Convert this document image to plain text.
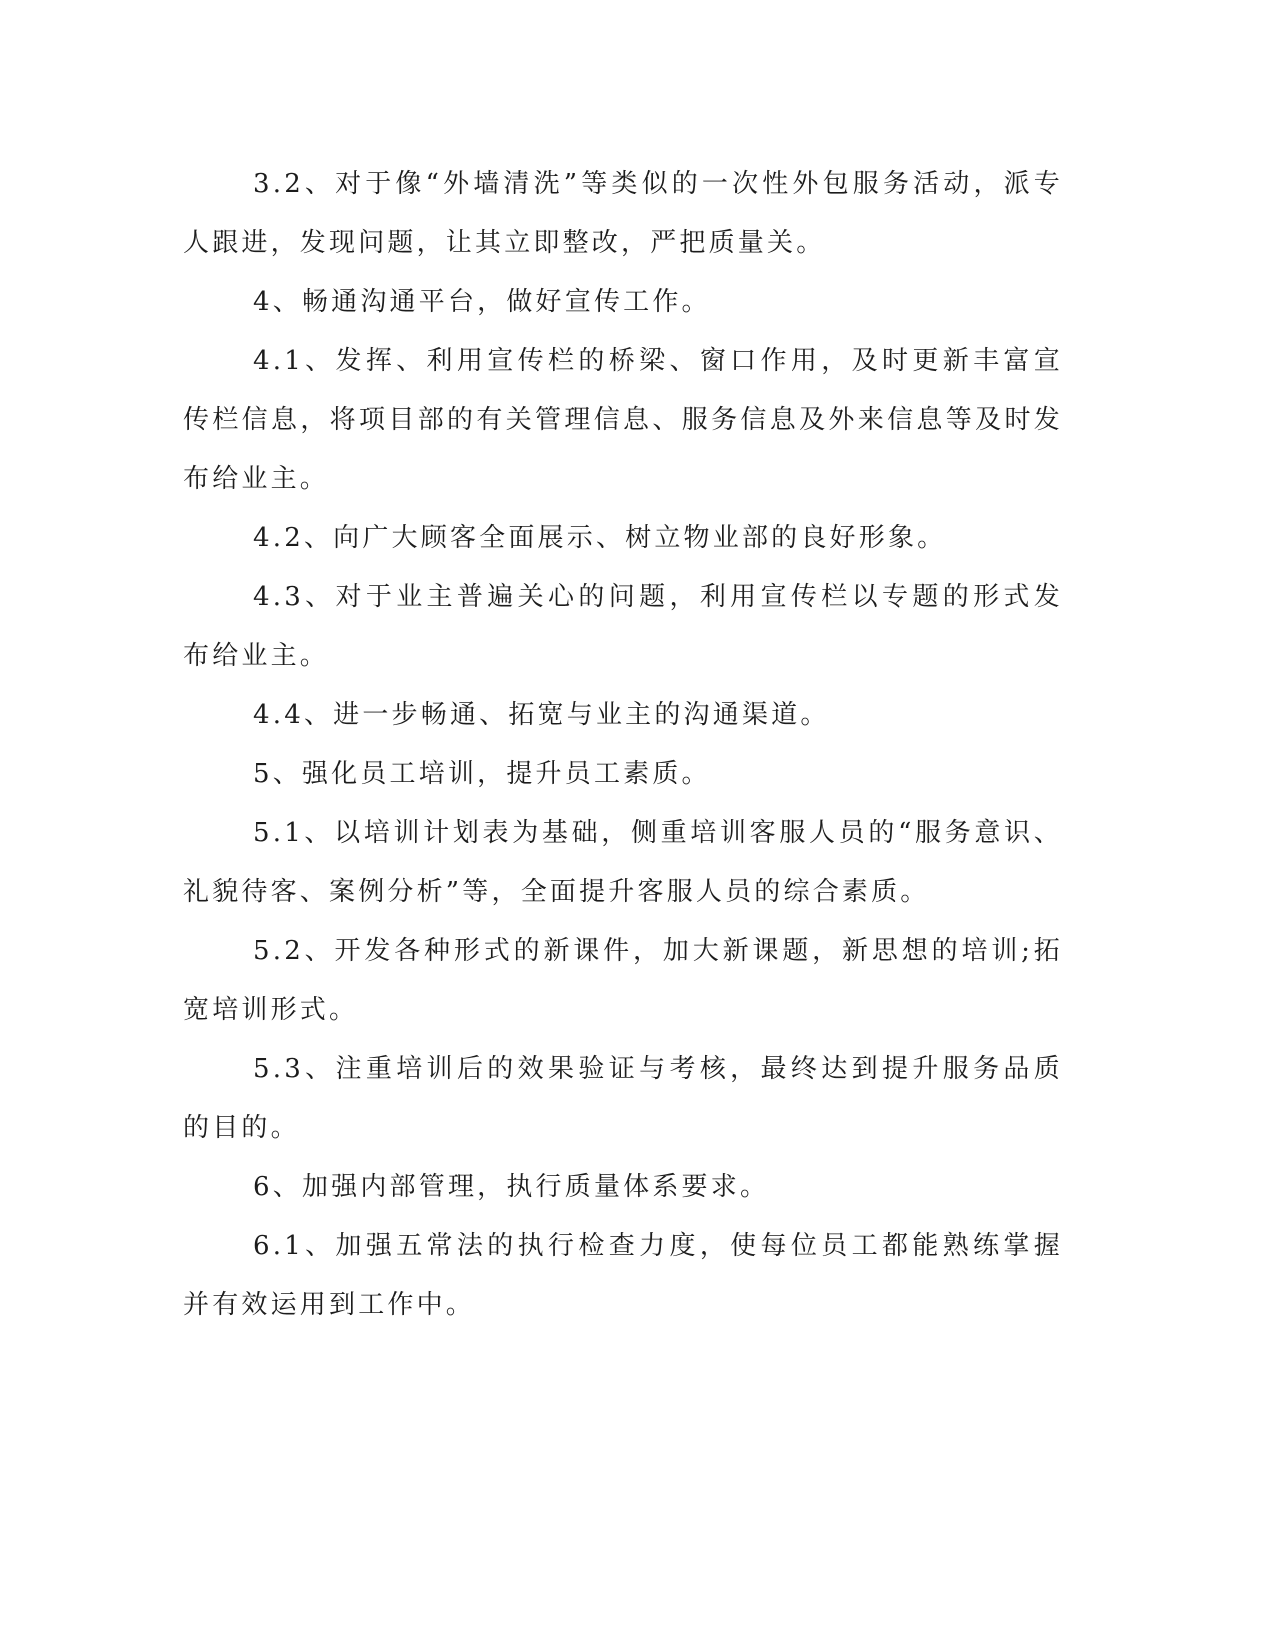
3.2、对于像“外墙清洗”等类似的一次性外包服务活动，派专人跟进，发现问题，让其立即整改，严把质量关。

4、畅通沟通平台，做好宣传工作。

4.1、发挥、利用宣传栏的桥梁、窗口作用，及时更新丰富宣传栏信息，将项目部的有关管理信息、服务信息及外来信息等及时发布给业主。

4.2、向广大顾客全面展示、树立物业部的良好形象。

4.3、对于业主普遍关心的问题，利用宣传栏以专题的形式发布给业主。

4.4、进一步畅通、拓宽与业主的沟通渠道。

5、强化员工培训，提升员工素质。

5.1、以培训计划表为基础，侧重培训客服人员的“服务意识、礼貌待客、案例分析”等，全面提升客服人员的综合素质。

5.2、开发各种形式的新课件，加大新课题，新思想的培训;拓宽培训形式。

5.3、注重培训后的效果验证与考核，最终达到提升服务品质的目的。

6、加强内部管理，执行质量体系要求。

6.1、加强五常法的执行检查力度，使每位员工都能熟练掌握并有效运用到工作中。
